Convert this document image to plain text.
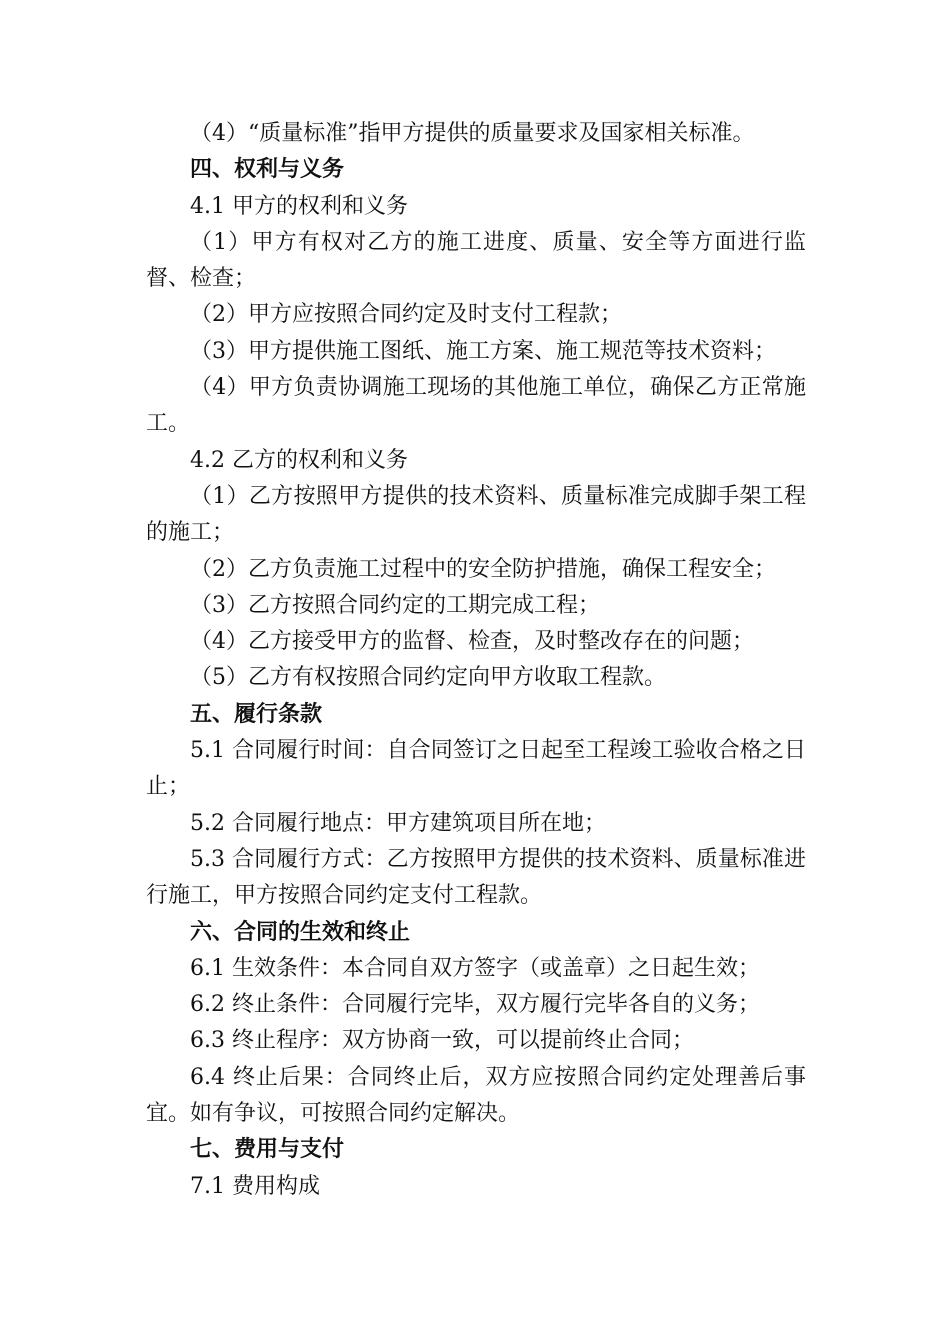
（4）“质量标准”指甲方提供的质量要求及国家相关标准。

四、权利与义务

4.1 甲方的权利和义务

（1）甲方有权对乙方的施工进度、质量、安全等方面进行监督、检查；

（2）甲方应按照合同约定及时支付工程款；

（3）甲方提供施工图纸、施工方案、施工规范等技术资料；

（4）甲方负责协调施工现场的其他施工单位，确保乙方正常施工。

4.2 乙方的权利和义务

（1）乙方按照甲方提供的技术资料、质量标准完成脚手架工程的施工；

（2）乙方负责施工过程中的安全防护措施，确保工程安全；

（3）乙方按照合同约定的工期完成工程；

（4）乙方接受甲方的监督、检查，及时整改存在的问题；

（5）乙方有权按照合同约定向甲方收取工程款。

五、履行条款

5.1 合同履行时间：自合同签订之日起至工程竣工验收合格之日止；

5.2 合同履行地点：甲方建筑项目所在地；

5.3 合同履行方式：乙方按照甲方提供的技术资料、质量标准进行施工，甲方按照合同约定支付工程款。

六、合同的生效和终止

6.1 生效条件：本合同自双方签字（或盖章）之日起生效；

6.2 终止条件：合同履行完毕，双方履行完毕各自的义务；

6.3 终止程序：双方协商一致，可以提前终止合同；

6.4 终止后果：合同终止后，双方应按照合同约定处理善后事宜。如有争议，可按照合同约定解决。

七、费用与支付

7.1 费用构成
